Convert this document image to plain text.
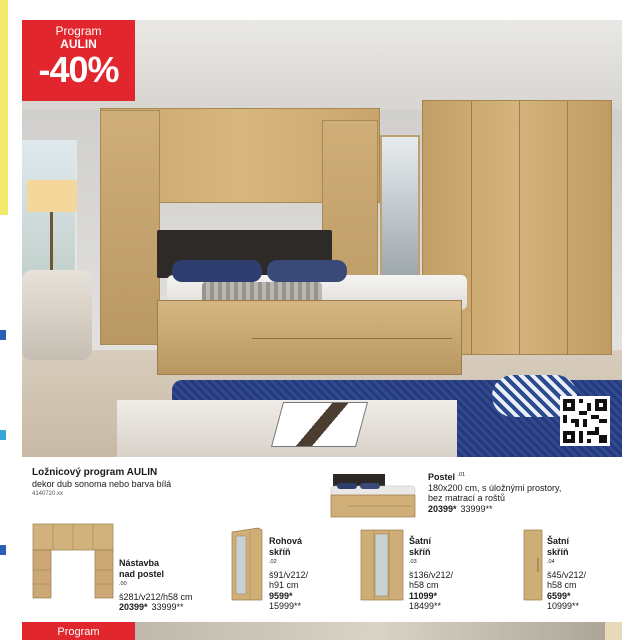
Program
AULIN
-40%
Ložnicový program AULIN
dekor dub sonoma nebo barva bílá
4140720.xx
Postel $^{.01}$
180x200 cm, s úložnými prostory,
bez matrací a roštů
20399* 33999**
Nástavba
nad postel
$^{.00}$
š281/v212/h58 cm
20399* 33999**
Rohová
skříň
$^{.02}$
š91/v212/
h91 cm
9599*
15999**
Šatní
skříň
$^{.03}$
š136/v212/
h58 cm
11099*
18499**
Šatní
skříň
$^{.04}$
š45/v212/
h58 cm
6599*
10999**
Program
